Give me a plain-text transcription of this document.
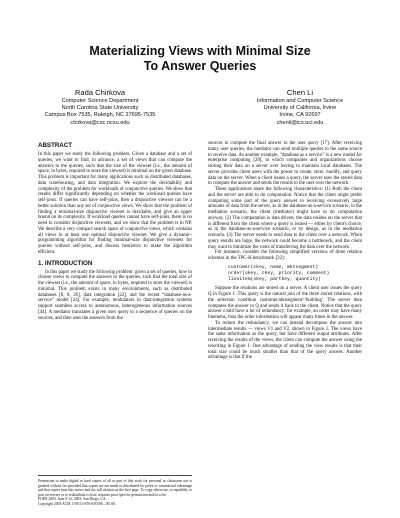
Materializing Views with Minimal Size
To Answer Queries
Rada Chirkova
Computer Science Department
North Carolina State University
Campus Box 7535, Raleigh, NC 27695-7535
chirkova@csc.ncsu.edu
Chen Li
Information and Computer Science
University of California, Irvine
Irvine, CA 92697
chenli@ics.uci.edu
ABSTRACT

In this paper we study the following problem. Given a database and a set of queries, we want to find, in advance, a set of views that can compute the answers to the queries, such that the size of the viewset (i.e., the amount of space, in bytes, required to store the viewset) is minimal on the given database. This problem is important for many applications such as distributed databases, data warehousing, and data integration. We explore the decidability and complexity of the problem for workloads of conjunctive queries. We show that results differ significantly depending on whether the workload queries have self-joins. If queries can have self-joins, then a disjunctive viewset can be a better solution than any set of conjunctive views. We show that the problem of finding a minimal-size disjunctive viewset is decidable, and give an upper bound on its complexity. If workload queries cannot have self-joins, there is no need to consider disjunctive viewsets, and we show that the problem is in NP. We describe a very compact search space of conjunctive views, which contains all views in at least one optimal disjunctive viewset. We give a dynamic-programming algorithm for finding minimal-size disjunctive viewsets for queries without self-joins, and discuss heuristics to make the algorithm efficient.

1. INTRODUCTION

In this paper we study the following problem: given a set of queries, how to choose views to compute the answers to the queries, such that the total size of the viewset (i.e., the amount of space, in bytes, required to store the viewset) is minimal. This problem exists in many environments, such as distributed databases [8, 8, 26], data integration [22], and the recent “database-as-a-service” model [24]. For example, modulators in data-integration systems support seamless access to autonomous, heterogeneous information sources [44]. A mediator translates a given user query to a sequence of queries on the sources, and then uses the answers from the

Permission to make digital or hard copies of all or part of this work for personal or classroom use is granted without fee provided that copies are not made or distributed for profit or commercial advantage and that copies bear this notice and the full citation on the first page. To copy otherwise, to republish, to post on servers or to redistribute to lists, requires prior specific permission and/or a fee.

PODS 2003, June 9-12, 2003, San Diego, CA.

Copyright 2003 ACM 1-58113-670-6/03/06 ...$5.00.

sources to compute the final answer to the user query [17]. After receiving many user queries, the mediator can send multiple queries to the same source to receive data. As another example, “database as a service” is a new model for enterprise computing [28], in which companies and organizations choose storing their data on a server over having to maintain local databases. The server provides client users with the power to create, store, modify, and query data on the server. When a client issues a query, the server uses the stored data to compute the answer and sends the results to the user over the network.

These applications share the following characteristics: (1) Both the client and the server are able to do computation. Notice that the client might prefer computing some part of the query answer to receiving excessively large amounts of data from the server, as in the database-as-a-service scenario; in the mediation scenario, the client (mediator) might have to do computation anyway. (2) The computation is data driven; the data resides on the server that is different from the client where a query is issued — either by client's choice, as in the database-as-a-service scenario, or by design, as in the mediation scenario. (3) The server needs to send data to the client over a network. When query results are large, the network could become a bottleneck, and the client may want to minimize the costs of transferring the data over the network.

For instance, consider the following simplified versions of three relation schemas in the TPC-H benchmark [32]:

customer(ckey, name, mktsegment)
order(okey, ckey, priority, comment)
lineitem(okey, partkey, quantity)

Suppose the relations are stored on a server. A client user issues the query Q in Figure 1. This query is the natural join of the three stored relations, with the selection condition customer.mktsegment='building'. The server then computes the answer to Q and sends it back to the client. Notice that the query answer could have a lot of redundancy; for example, an order may have many lineitems, thus the order information will appear many times in the answer.

To reduce the redundancy, we can instead decompose the answer into intermediate results — views V1 and V2, shown in Figure 1. The views have the same information as the query, but have different output attributes. After receiving the results of the views, the client can compute the answer using the rewriting in Figure 1. One advantage of sending the view results is that their total size could be much smaller than that of the query answer. Another advantage is that if the
